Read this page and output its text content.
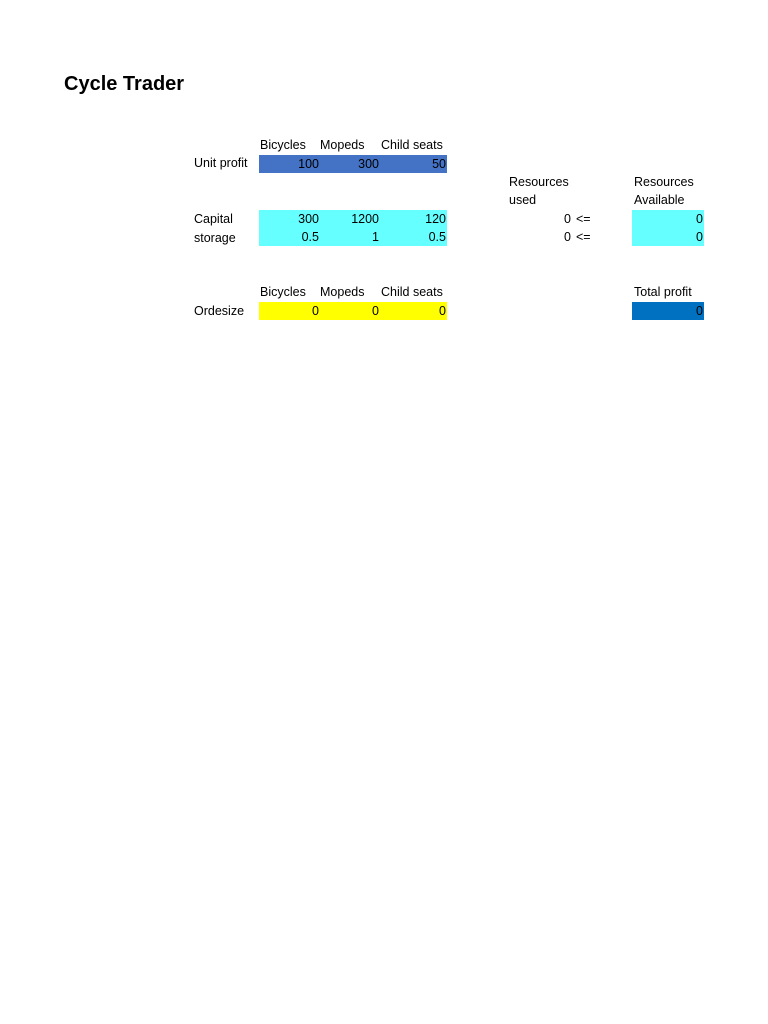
Cycle Trader
Bicycles Mopeds Child seats
Unit profit	100	300	50
Resources
used
Resources
Available
Capital	300	1200	120	0 <=	0
storage	0.5	1	0.5	0 <=	0
Bicycles Mopeds Child seats	Total profit
Ordesize	0	0	0	0
